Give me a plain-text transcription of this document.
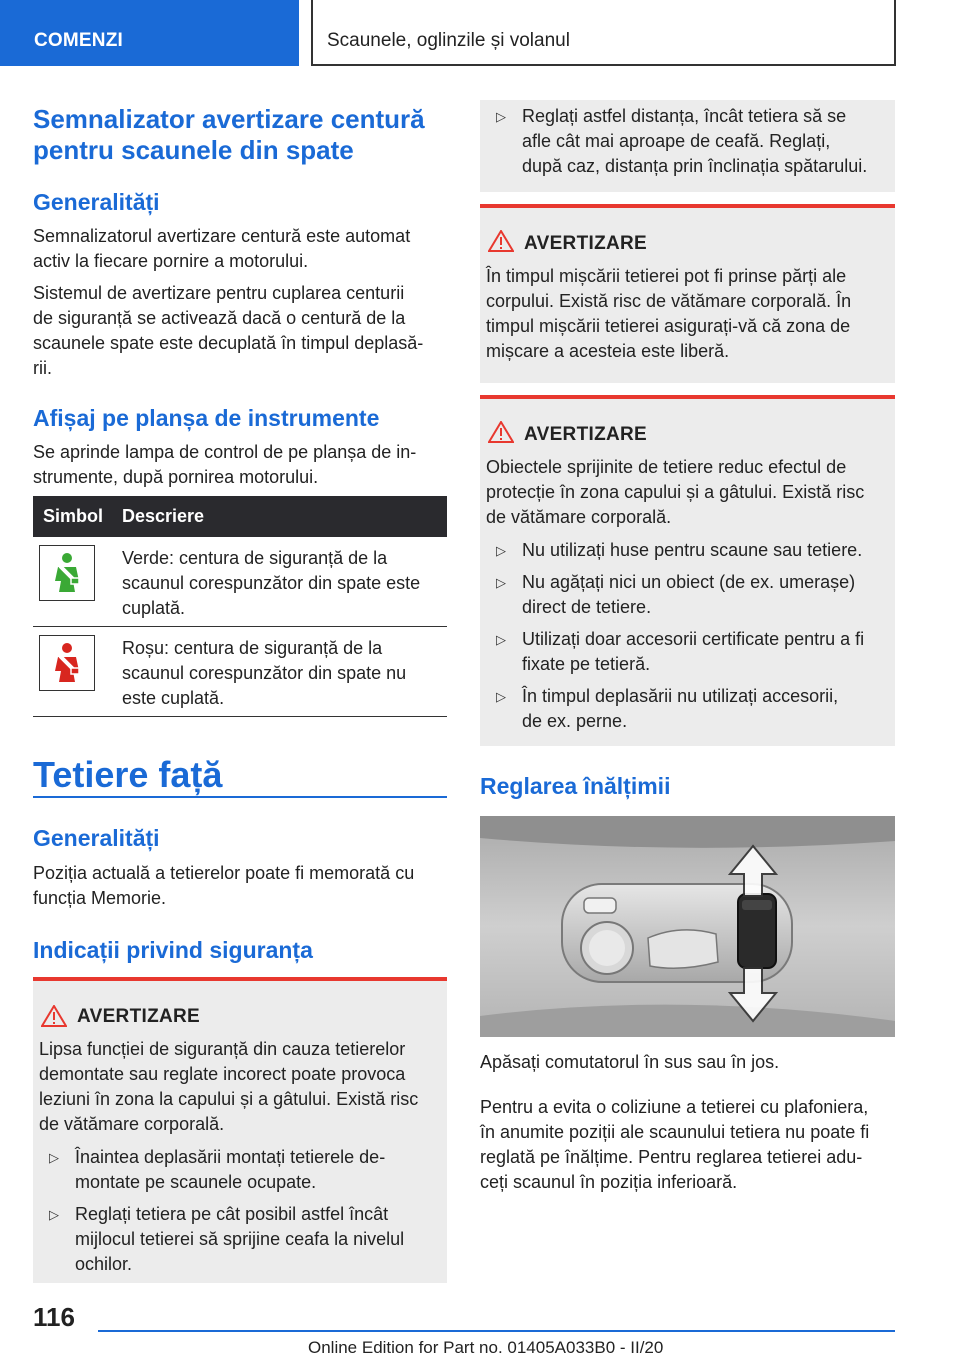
COMENZI	Scaunele, oglinzile și volanul
Semnalizator avertizare centură
pentru scaunele din spate
Generalități

Semnalizatorul avertizare centură este automat
activ la fiecare pornire a motorului.

Sistemul de avertizare pentru cuplarea centurii
de siguranță se activează dacă o centură de la
scaunele spate este decuplată în timpul deplasă‐
rii.

Afișaj pe planșa de instrumente

Se aprinde lampa de control de pe planșa de in‐
strumente, după pornirea motorului.

Simbol Descriere
Verde: centura de siguranță de la
scaunul corespunzător din spate este
cuplată.
Roșu: centura de siguranță de la
scaunul corespunzător din spate nu
este cuplată.
Tetiere față
Generalități

Poziția actuală a tetierelor poate fi memorată cu
funcția Memorie.

Indicații privind siguranța
AVERTIZARE
Lipsa funcției de siguranță din cauza tetierelor
demontate sau reglate incorect poate provoca
leziuni în zona la capului și a gâtului. Există risc
de vătămare corporală.
▷ Înaintea deplasării montați tetierele de‐
montate pe scaunele ocupate.
▷ Reglați tetiera pe cât posibil astfel încât
mijlocul tetierei să sprijine ceafa la nivelul
ochilor.
▷ Reglați astfel distanța, încât tetiera să se
afle cât mai aproape de ceafă. Reglați,
după caz, distanța prin înclinația spătarului.
AVERTIZARE
În timpul mișcării tetierei pot fi prinse părți ale
corpului. Există risc de vătămare corporală. În
timpul mișcării tetierei asigurați-vă că zona de
mișcare a acesteia este liberă.
AVERTIZARE
Obiectele sprijinite de tetiere reduc efectul de
protecție în zona capului și a gâtului. Există risc
de vătămare corporală.
▷ Nu utilizați huse pentru scaune sau tetiere.
▷ Nu agățați nici un obiect (de ex. umerașe)
direct de tetiere.
▷ Utilizați doar accesorii certificate pentru a fi
fixate pe tetieră.
▷ În timpul deplasării nu utilizați accesorii,
de ex. perne.
Reglarea înălțimii

Apăsați comutatorul în sus sau în jos.

Pentru a evita o coliziune a tetierei cu plafoniera,
în anumite poziții ale scaunului tetiera nu poate fi
reglată pe înălțime. Pentru reglarea tetierei adu‐
ceți scaunul în poziția inferioară.

116
Online Edition for Part no. 01405A033B0 - II/20
